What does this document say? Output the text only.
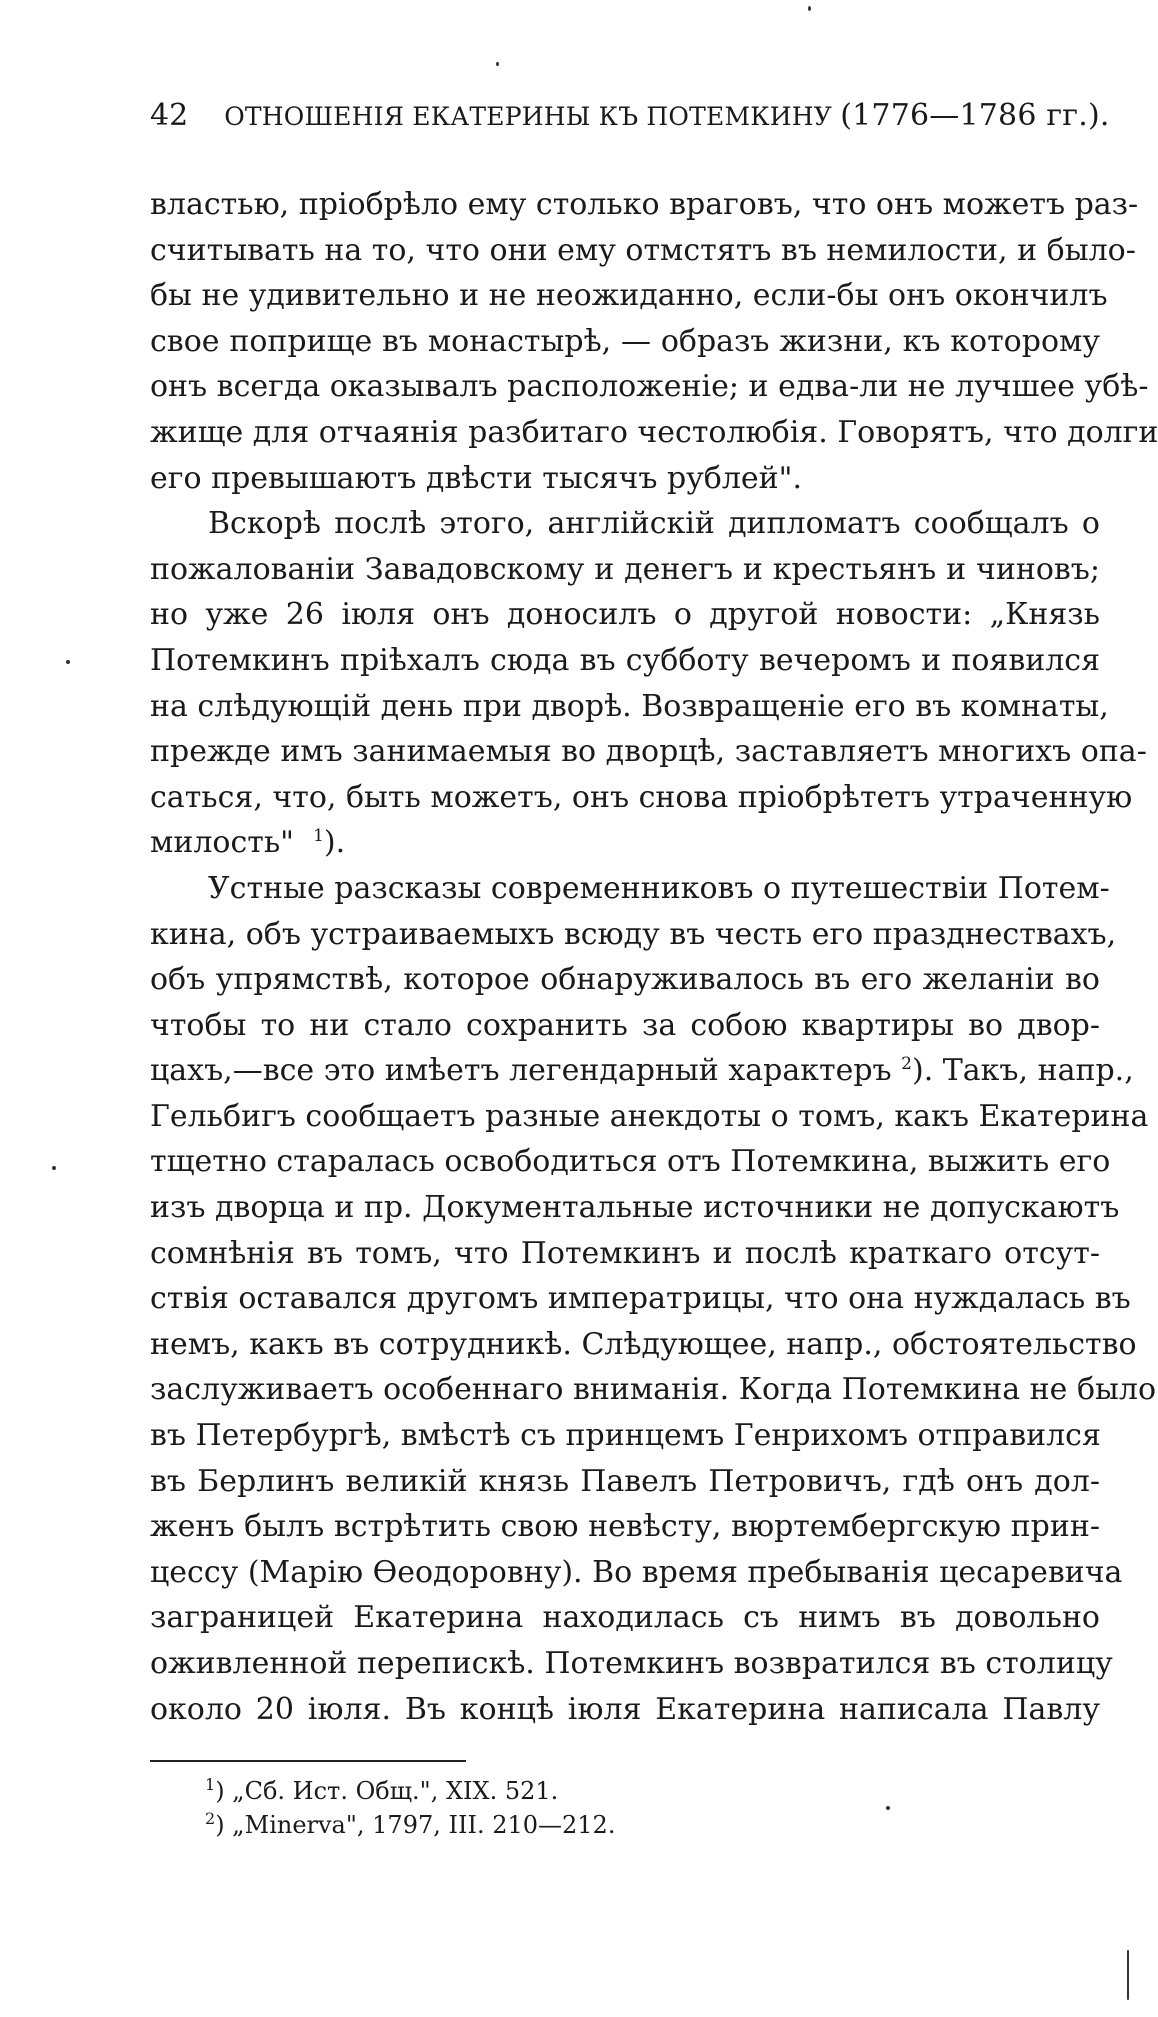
42 ОТНОШЕНІЯ ЕКАТЕРИНЫ КЪ ПОТЕМКИНУ (1776—1786 гг.).
властью, пріобрѣло ему столько враговъ, что онъ можетъ раз-
считывать на то, что они ему отмстятъ въ немилости, и было-
бы не удивительно и не неожиданно, если-бы онъ окончилъ
свое поприще въ монастырѣ, — образъ жизни, къ которому
онъ всегда оказывалъ расположеніе; и едва-ли не лучшее убѣ-
жище для отчаянія разбитаго честолюбія. Говорятъ, что долги
его превышаютъ двѣсти тысячъ рублей".
Вскорѣ послѣ этого, англійскій дипломатъ сообщалъ о
пожалованіи Завадовскому и денегъ и крестьянъ и чиновъ;
но уже 26 іюля онъ доносилъ о другой новости: „Князь
Потемкинъ пріѣхалъ сюда въ субботу вечеромъ и появился
на слѣдующій день при дворѣ. Возвращеніе его въ комнаты,
прежде имъ занимаемыя во дворцѣ, заставляетъ многихъ опа-
саться, что, быть можетъ, онъ снова пріобрѣтетъ утраченную
милость" $^1$).
Устные разсказы современниковъ о путешествіи Потем-
кина, объ устраиваемыхъ всюду въ честь его празднествахъ,
объ упрямствѣ, которое обнаруживалось въ его желаніи во
чтобы то ни стало сохранить за собою квартиры во двор-
цахъ,—все это имѣетъ легендарный характеръ $^2$). Такъ, напр.,
Гельбигъ сообщаетъ разные анекдоты о томъ, какъ Екатерина
тщетно старалась освободиться отъ Потемкина, выжить его
изъ дворца и пр. Документальные источники не допускаютъ
сомнѣнія въ томъ, что Потемкинъ и послѣ краткаго отсут-
ствія оставался другомъ императрицы, что она нуждалась въ
немъ, какъ въ сотрудникѣ. Слѣдующее, напр., обстоятельство
заслуживаетъ особеннаго вниманія. Когда Потемкина не было
въ Петербургѣ, вмѣстѣ съ принцемъ Генрихомъ отправился
въ Берлинъ великій князь Павелъ Петровичъ, гдѣ онъ дол-
женъ былъ встрѣтить свою невѣсту, вюртембергскую прин-
цессу (Марію Ѳеодоровну). Во время пребыванія цесаревича
заграницей Екатерина находилась съ нимъ въ довольно
оживленной перепискѣ. Потемкинъ возвратился въ столицу
около 20 іюля. Въ концѣ іюля Екатерина написала Павлу
$^1$) „Сб. Ист. Общ.", XIX. 521.
$^2$) „Minerva", 1797, III. 210—212.
